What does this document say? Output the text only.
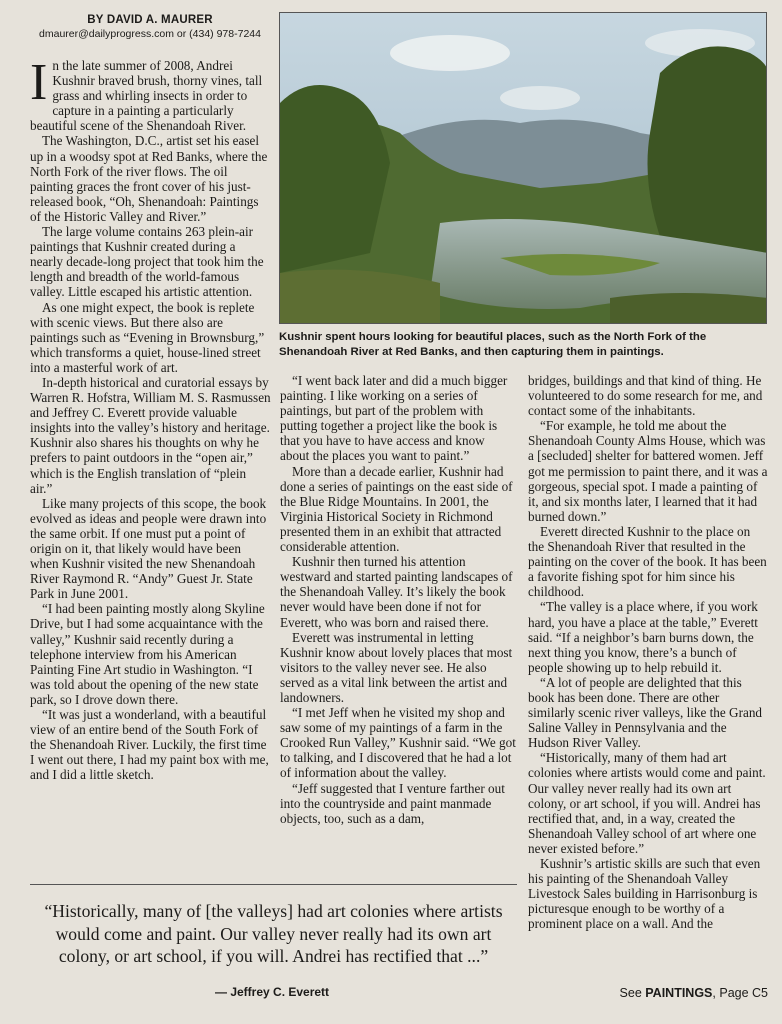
BY DAVID A. MAURER
dmaurer@dailyprogress.com or (434) 978-7244

In the late summer of 2008, Andrei Kushnir braved brush, thorny vines, tall grass and whirling insects in order to capture in a painting a particularly beautiful scene of the Shenandoah River.

The Washington, D.C., artist set his easel up in a woodsy spot at Red Banks, where the North Fork of the river flows. The oil painting graces the front cover of his just-released book, “Oh, Shenandoah: Paintings of the Historic Valley and River.”

The large volume contains 263 plein-air paintings that Kushnir created during a nearly decade-long project that took him the length and breadth of the world-famous valley. Little escaped his artistic attention.

As one might expect, the book is replete with scenic views. But there also are paintings such as “Evening in Brownsburg,” which transforms a quiet, house-lined street into a masterful work of art.

In-depth historical and curatorial essays by Warren R. Hofstra, William M. S. Rasmussen and Jeffrey C. Everett provide valuable insights into the valley’s history and heritage. Kushnir also shares his thoughts on why he prefers to paint outdoors in the “open air,” which is the English translation of “plein air.”

Like many projects of this scope, the book evolved as ideas and people were drawn into the same orbit. If one must put a point of origin on it, that likely would have been when Kushnir visited the new Shenandoah River Raymond R. “Andy” Guest Jr. State Park in June 2001.

“I had been painting mostly along Skyline Drive, but I had some acquaintance with the valley,” Kushnir said recently during a telephone interview from his American Painting Fine Art studio in Washington. “I was told about the opening of the new state park, so I drove down there.

“It was just a wonderland, with a beautiful view of an entire bend of the South Fork of the Shenandoah River. Luckily, the first time I went out there, I had my paint box with me, and I did a little sketch.

Kushnir spent hours looking for beautiful places, such as the North Fork of the Shenandoah River at Red Banks, and then capturing them in paintings.

“I went back later and did a much bigger painting. I like working on a series of paintings, but part of the problem with putting together a project like the book is that you have to have access and know about the places you want to paint.”

More than a decade earlier, Kushnir had done a series of paintings on the east side of the Blue Ridge Mountains. In 2001, the Virginia Historical Society in Richmond presented them in an exhibit that attracted considerable attention.

Kushnir then turned his attention westward and started painting landscapes of the Shenandoah Valley. It’s likely the book never would have been done if not for Everett, who was born and raised there.

Everett was instrumental in letting Kushnir know about lovely places that most visitors to the valley never see. He also served as a vital link between the artist and landowners.

“I met Jeff when he visited my shop and saw some of my paintings of a farm in the Crooked Run Valley,” Kushnir said. “We got to talking, and I discovered that he had a lot of information about the valley.

“Jeff suggested that I venture farther out into the countryside and paint manmade objects, too, such as a dam,

bridges, buildings and that kind of thing. He volunteered to do some research for me, and contact some of the inhabitants.

“For example, he told me about the Shenandoah County Alms House, which was a [secluded] shelter for battered women. Jeff got me permission to paint there, and it was a gorgeous, special spot. I made a painting of it, and six months later, I learned that it had burned down.”

Everett directed Kushnir to the place on the Shenandoah River that resulted in the painting on the cover of the book. It has been a favorite fishing spot for him since his childhood.

“The valley is a place where, if you work hard, you have a place at the table,” Everett said. “If a neighbor’s barn burns down, the next thing you know, there’s a bunch of people showing up to help rebuild it.

“A lot of people are delighted that this book has been done. There are other similarly scenic river valleys, like the Grand Saline Valley in Pennsylvania and the Hudson River Valley.

“Historically, many of them had art colonies where artists would come and paint. Our valley never really had its own art colony, or art school, if you will. Andrei has rectified that, and, in a way, created the Shenandoah Valley school of art where one never existed before.”

Kushnir’s artistic skills are such that even his painting of the Shenandoah Valley Livestock Sales building in Harrisonburg is picturesque enough to be worthy of a prominent place on a wall. And the

“Historically, many of [the valleys] had art colonies where artists would come and paint. Our valley never really had its own art colony, or art school, if you will. Andrei has rectified that ...”
— Jeffrey C. Everett	See PAINTINGS, Page C5
